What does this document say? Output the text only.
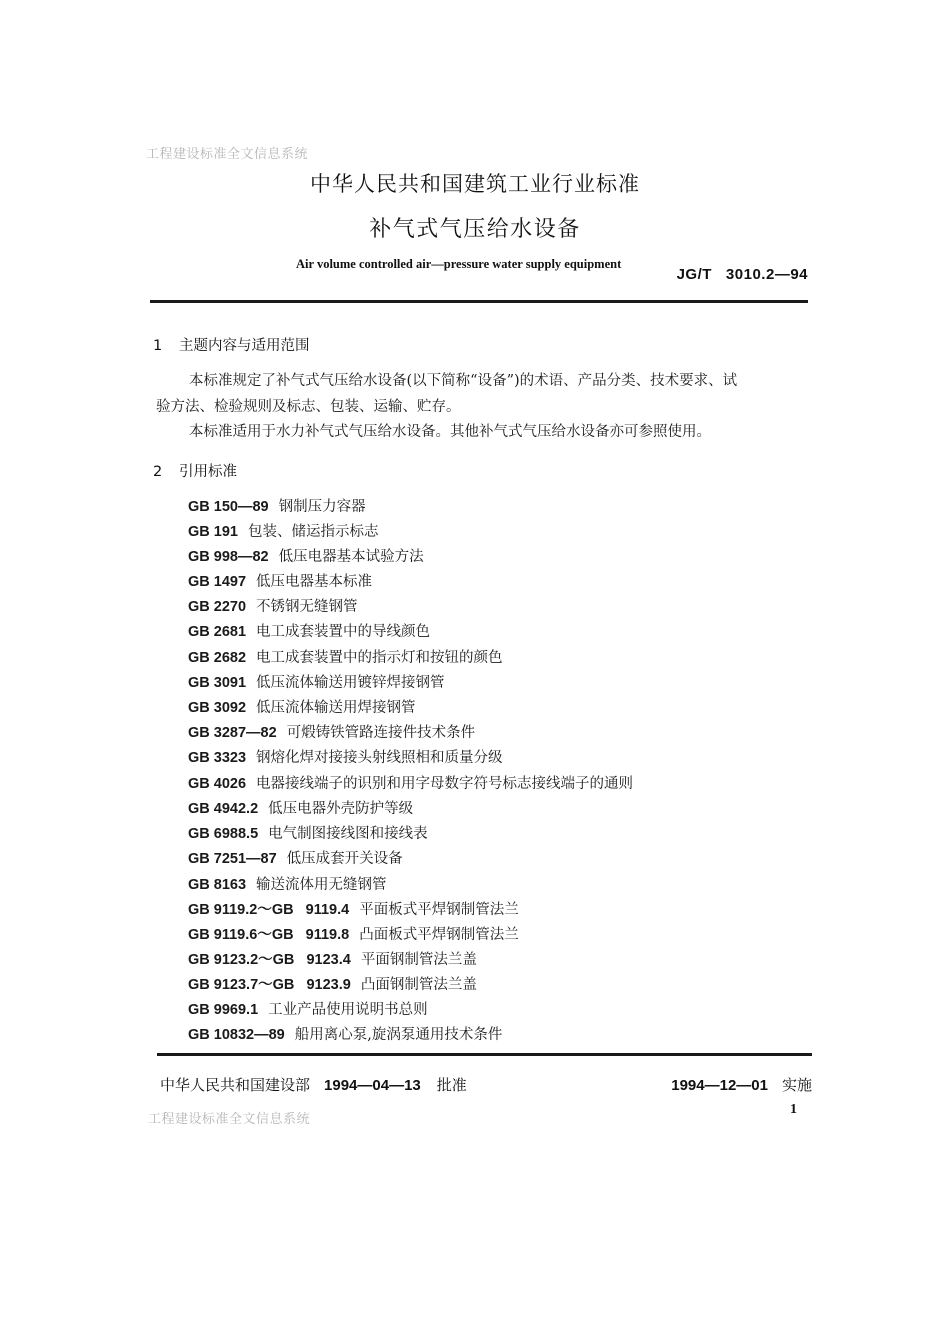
工程建设标准全文信息系统
中华人民共和国建筑工业行业标准
补气式气压给水设备
Air volume controlled air—pressure water supply equipment
JG/T   3010.2—94
1 主题内容与适用范围
本标准规定了补气式气压给水设备(以下简称“设备”)的术语、产品分类、技术要求、试
验方法、检验规则及标志、包装、运输、贮存。
本标准适用于水力补气式气压给水设备。其他补气式气压给水设备亦可参照使用。
2 引用标准
GB 150—89 钢制压力容器
GB 191 包装、储运指示标志
GB 998—82 低压电器基本试验方法
GB 1497 低压电器基本标准
GB 2270 不锈钢无缝钢管
GB 2681 电工成套装置中的导线颜色
GB 2682 电工成套装置中的指示灯和按钮的颜色
GB 3091 低压流体输送用镀锌焊接钢管
GB 3092 低压流体输送用焊接钢管
GB 3287—82 可煅铸铁管路连接件技术条件
GB 3323 钢熔化焊对接接头射线照相和质量分级
GB 4026 电器接线端子的识别和用字母数字符号标志接线端子的通则
GB 4942.2 低压电器外壳防护等级
GB 6988.5 电气制图接线图和接线表
GB 7251—87 低压成套开关设备
GB 8163 输送流体用无缝钢管
GB 9119.2～GB   9119.4 平面板式平焊钢制管法兰
GB 9119.6～GB   9119.8 凸面板式平焊钢制管法兰
GB 9123.2～GB   9123.4 平面钢制管法兰盖
GB 9123.7～GB   9123.9 凸面钢制管法兰盖
GB 9969.1 工业产品使用说明书总则
GB 10832—89 船用离心泵,旋涡泵通用技术条件
中华人民共和国建设部 1994—04—13 批准	1994—12—01 实施
1
工程建设标准全文信息系统
